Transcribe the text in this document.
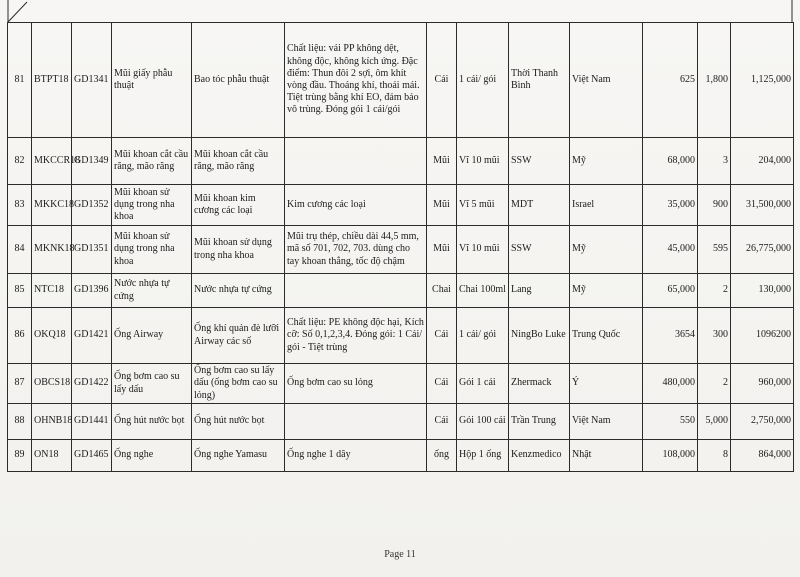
81	BTPT18	GD1341	Mũi giấy phẫu thuật	Bao tóc phẫu thuật	Chất liệu: vải PP không dệt, không độc, không kích ứng. Đặc điểm: Thun đôi 2 sợi, ôm khít vòng đầu. Thoáng khí, thoải mái. Tiệt trùng bằng khí EO, đảm bảo vô trùng. Đóng gói 1 cái/gói	Cái	1 cái/ gói	Thời Thanh Bình	Việt Nam	625	1,800	1,125,000
82	MKCCR18	GD1349	Mũi khoan cắt cầu răng, mão răng	Mũi khoan cắt cầu răng, mão răng		Mũi	Vĩ 10 mũi	SSW	Mỹ	68,000	3	204,000
83	MKKC18	GD1352	Mũi khoan sử dụng trong nha khoa	Mũi khoan kim cương các loại	Kim cương các loại	Mũi	Vĩ 5 mũi	MDT	Israel	35,000	900	31,500,000
84	MKNK18	GD1351	Mũi khoan sử dụng trong nha khoa	Mũi khoan sử dụng trong nha khoa	Mũi trụ thép, chiều dài 44,5 mm, mã số 701, 702, 703. dùng cho tay khoan thẳng, tốc độ chậm	Mũi	Vĩ 10 mũi	SSW	Mỹ	45,000	595	26,775,000
85	NTC18	GD1396	Nước nhựa tự cứng	Nước nhựa tự cứng		Chai	Chai 100ml	Lang	Mỹ	65,000	2	130,000
86	OKQ18	GD1421	Ống Airway	Ống khí quản đè lưỡi Airway các số	Chất liệu: PE không độc hại, Kích cỡ: Số 0,1,2,3,4. Đóng gói: 1 Cái/ gói - Tiệt trùng	Cái	1 cái/ gói	NingBo Luke	Trung Quốc	3654	300	1096200
87	OBCS18	GD1422	Ống bơm cao su lấy dấu	Ống bơm cao su lấy dấu (ống bơm cao su lỏng)	Ống bơm cao su lỏng	Cái	Gói 1 cái	Zhermack	Ý	480,000	2	960,000
88	OHNB18	GD1441	Ống hút nước bọt	Ống hút nước bọt		Cái	Gói 100 cái	Trần Trung	Việt Nam	550	5,000	2,750,000
89	ON18	GD1465	Ống nghe	Ống nghe Yamasu	Ống nghe 1 dây	ống	Hộp 1 ống	Kenzmedico	Nhật	108,000	8	864,000
Page 11
